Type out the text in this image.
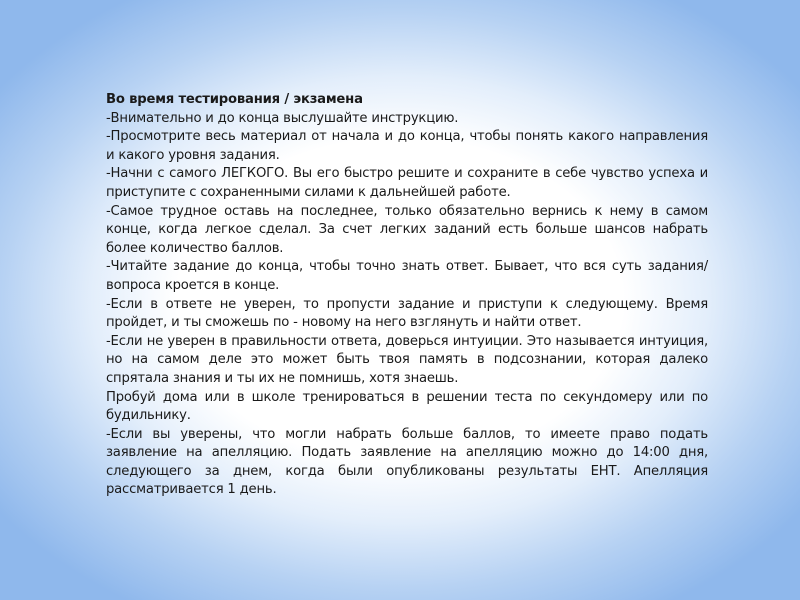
Во время тестирования / экзамена

-Внимательно и до конца выслушайте инструкцию.

-Просмотрите весь материал от начала и до конца, чтобы понять какого направления и какого уровня задания.

-Начни с самого ЛЕГКОГО. Вы его быстро решите и сохраните в себе чувство успеха и приступите с сохраненными силами к дальнейшей работе.

-Самое трудное оставь на последнее, только обязательно вернись к нему в самом конце, когда легкое сделал. За счет легких заданий есть больше шансов набрать более количество баллов.

-Читайте задание до конца, чтобы точно знать ответ. Бывает, что вся суть задания/вопроса кроется в конце.

-Если в ответе не уверен, то пропусти задание и приступи к следующему. Время пройдет, и ты сможешь по - новому на него взглянуть и найти ответ.

-Если не уверен в правильности ответа, доверься интуиции. Это называется интуиция, но на самом деле это может быть твоя память в подсознании, которая далеко спрятала знания и ты их не помнишь, хотя знаешь.

Пробуй дома или в школе тренироваться в решении теста по секундомеру или по будильнику.

-Если вы уверены, что могли набрать больше баллов, то имеете право подать заявление на апелляцию. Подать заявление на апелляцию можно до 14:00 дня, следующего за днем, когда были опубликованы результаты ЕНТ. Апелляция рассматривается 1 день.
